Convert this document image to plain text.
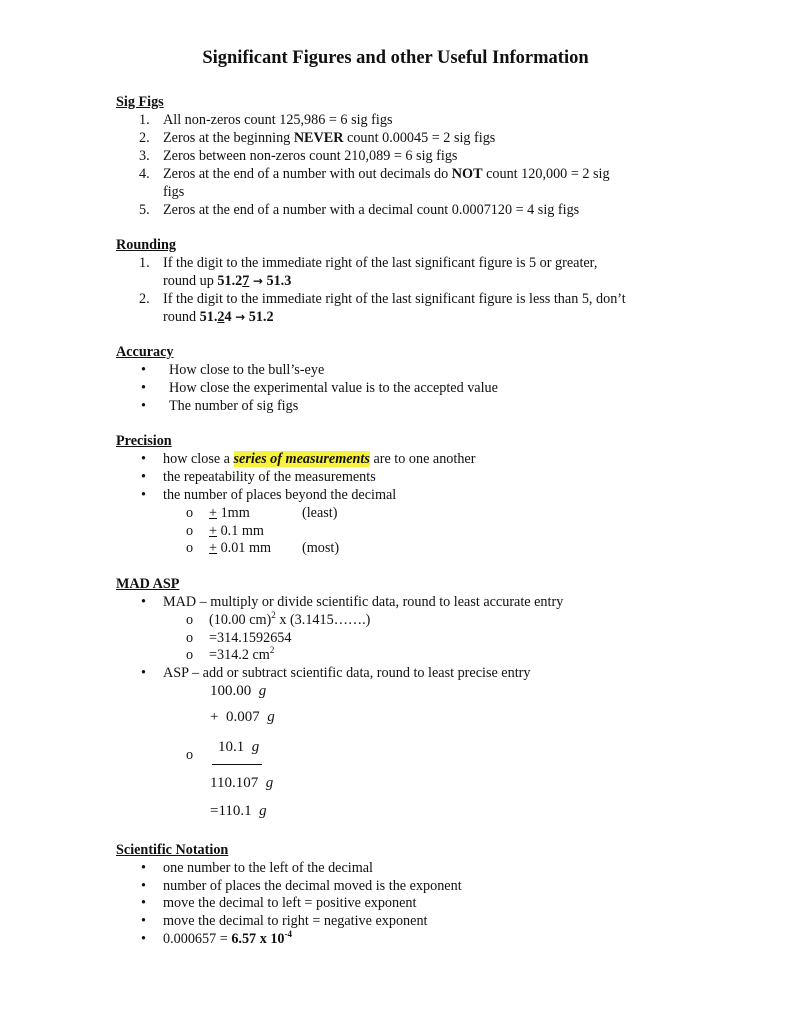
Significant Figures and other Useful Information
Sig Figs
1. All non-zeros count 125,986 = 6 sig figs
2. Zeros at the beginning NEVER count 0.00045 = 2 sig figs
3. Zeros between non-zeros count 210,089 = 6 sig figs
4. Zeros at the end of a number with out decimals do NOT count 120,000 = 2 sig
figs
5. Zeros at the end of a number with a decimal count 0.0007120 = 4 sig figs
Rounding
1. If the digit to the immediate right of the last significant figure is 5 or greater,
round up 51.27 → 51.3
2. If the digit to the immediate right of the last significant figure is less than 5, don’t
round 51.24 → 51.2
Accuracy
• How close to the bull’s-eye
• How close the experimental value is to the accepted value
• The number of sig figs
Precision
• how close a series of measurements are to one another
• the repeatability of the measurements
• the number of places beyond the decimal
o + 1mm	(least)
o + 0.1 mm
o + 0.01 mm (most)
MAD ASP
• MAD – multiply or divide scientific data, round to least accurate entry
o (10.00 cm)$^2$ x (3.1415…….)
o =314.1592654
o =314.2 $cm^2$
• ASP – add or subtract scientific data, round to least precise entry
100.00 g
+ 0.007 g
o 10.1 g
110.107 g
=110.1 g
Scientific Notation
• one number to the left of the decimal
• number of places the decimal moved is the exponent
• move the decimal to left = positive exponent
• move the decimal to right = negative exponent
• 0.000657 = 6.57 x $10^{-4}$
